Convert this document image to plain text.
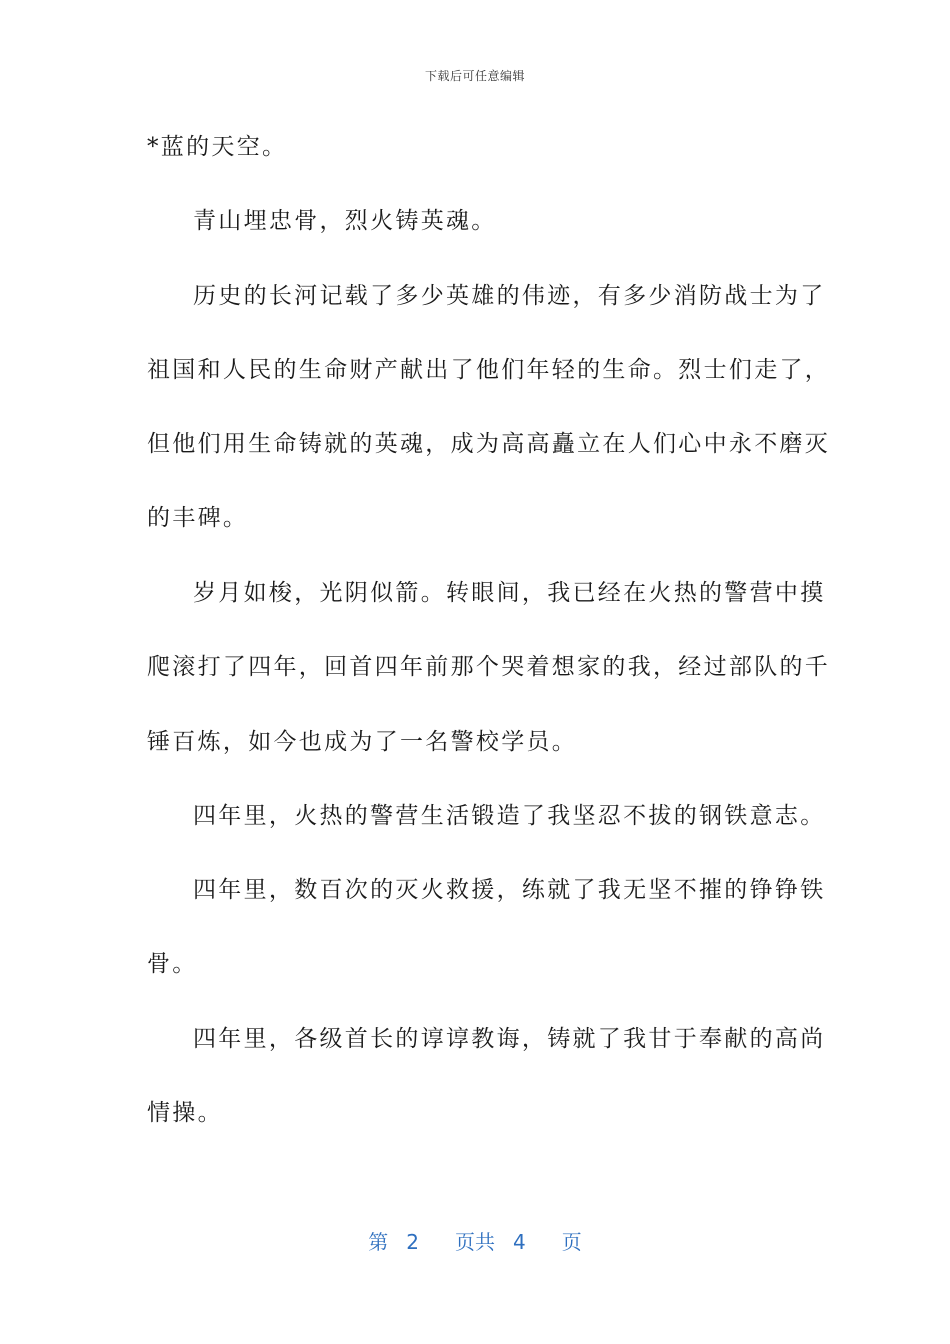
下载后可任意编辑
*蓝的天空。
青山埋忠骨，烈火铸英魂。
历史的长河记载了多少英雄的伟迹，有多少消防战士为了
祖国和人民的生命财产献出了他们年轻的生命。烈士们走了，
但他们用生命铸就的英魂，成为高高矗立在人们心中永不磨灭
的丰碑。
岁月如梭，光阴似箭。转眼间，我已经在火热的警营中摸
爬滚打了四年，回首四年前那个哭着想家的我，经过部队的千
锤百炼，如今也成为了一名警校学员。
四年里，火热的警营生活锻造了我坚忍不拔的钢铁意志。
四年里，数百次的灭火救援，练就了我无坚不摧的铮铮铁
骨。
四年里，各级首长的谆谆教诲，铸就了我甘于奉献的高尚
情操。
第 2 页共 4 页
